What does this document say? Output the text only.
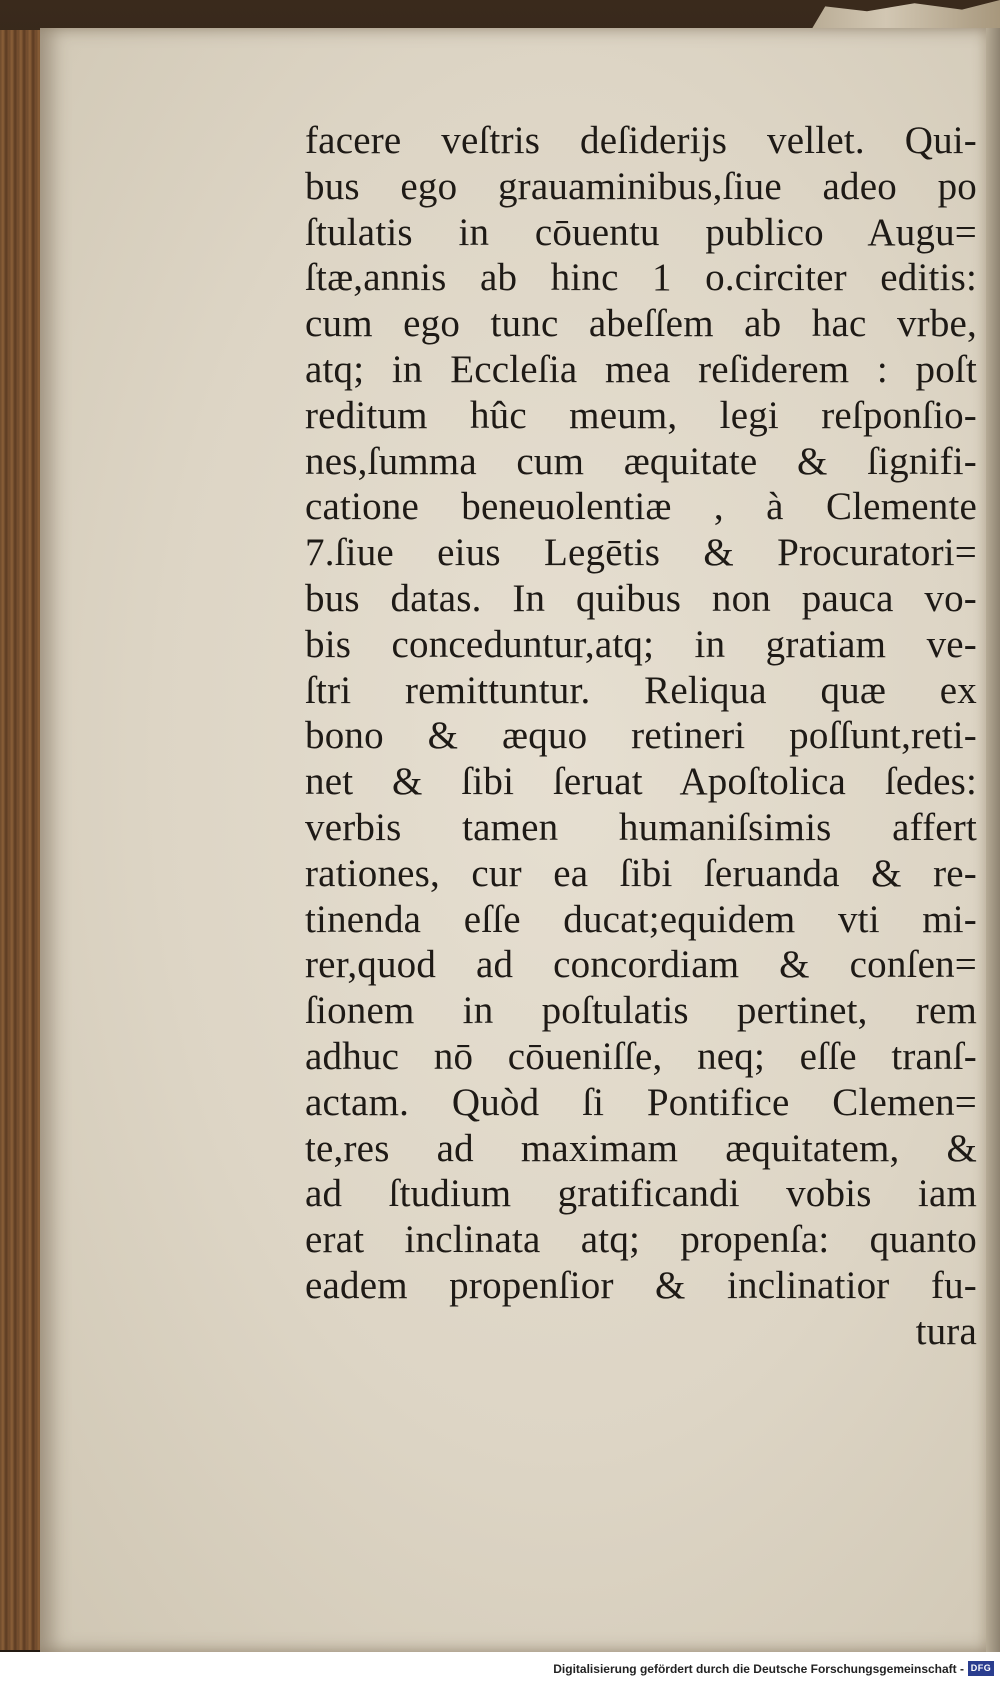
facere veſtris deſiderijs vellet. Qui-
bus ego grauaminibus,ſiue adeo po
ſtulatis in cōuentu publico Augu=
ſtæ,annis ab hinc 1 o.circiter editis:
cum ego tunc abeſſem ab hac vrbe,
atq; in Eccleſia mea reſiderem : poſt
reditum hûc meum, legi reſponſio-
nes,ſumma cum æquitate & ſignifi-
catione beneuolentiæ , à Clemente
7.ſiue eius Legētis & Procuratori=
bus datas. In quibus non pauca vo-
bis conceduntur,atq; in gratiam ve-
ſtri remittuntur. Reliqua quæ ex
bono & æquo retineri poſſunt,reti-
net & ſibi ſeruat Apoſtolica ſedes:
verbis tamen humaniſsimis affert
rationes, cur ea ſibi ſeruanda & re-
tinenda eſſe ducat;equidem vti mi-
rer,quod ad concordiam & conſen=
ſionem in poſtulatis pertinet, rem
adhuc nō cōueniſſe, neq; eſſe tranſ-
actam. Quòd ſi Pontifice Clemen=
te,res ad maximam æquitatem, &
ad ſtudium gratificandi vobis iam
erat inclinata atq; propenſa: quanto
eadem propenſior & inclinatior fu-
tura
Digitalisierung gefördert durch die Deutsche Forschungsgemeinschaft - DFG
